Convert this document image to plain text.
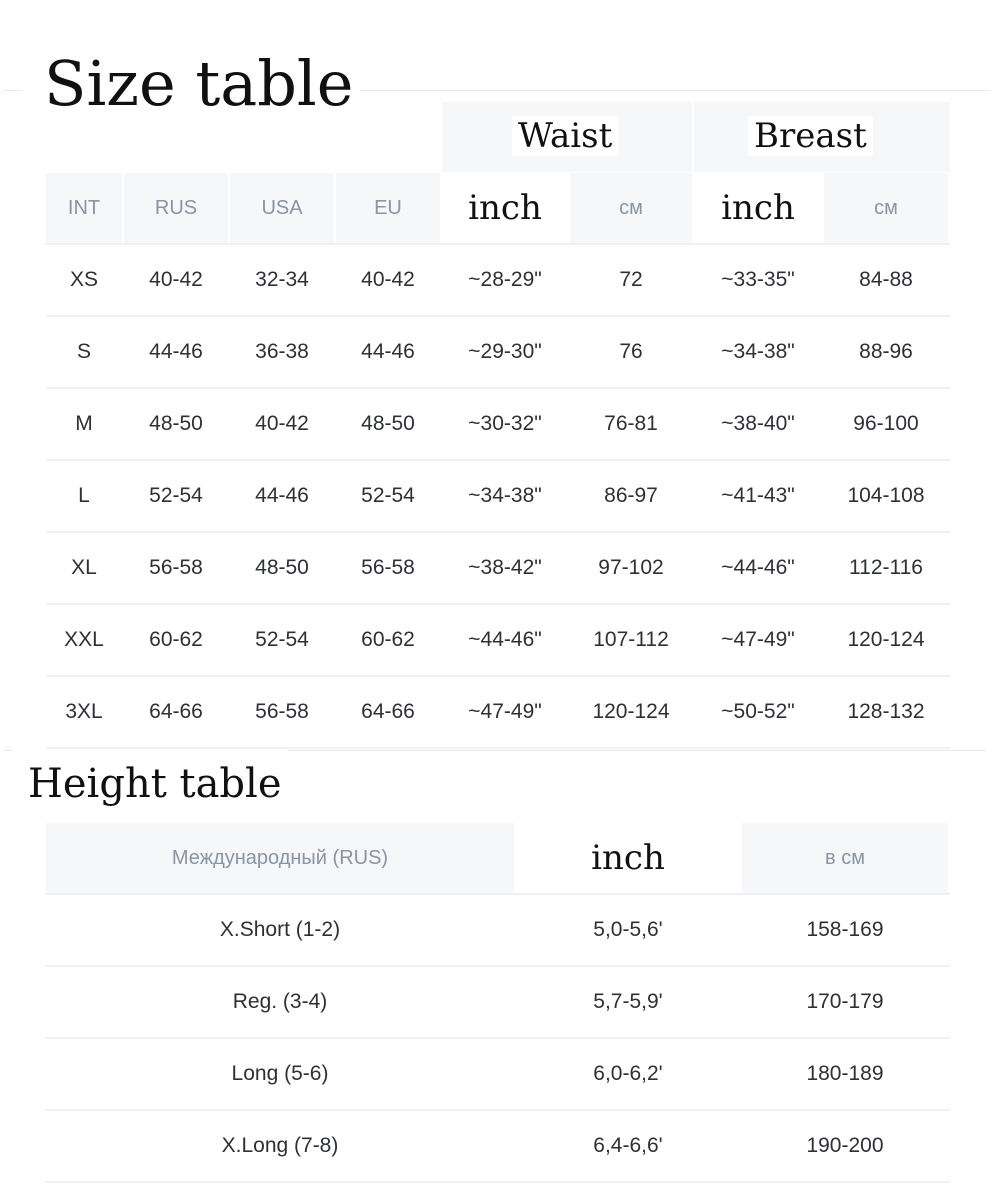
Size table
Waist	Breast
INT	RUS	USA	EU	inch	см	inch	см
XS	40-42	32-34	40-42	~28-29"	72	~33-35"	84-88
S	44-46	36-38	44-46	~29-30"	76	~34-38"	88-96
M	48-50	40-42	48-50	~30-32"	76-81	~38-40"	96-100
L	52-54	44-46	52-54	~34-38"	86-97	~41-43"	104-108
XL	56-58	48-50	56-58	~38-42"	97-102	~44-46"	112-116
XXL	60-62	52-54	60-62	~44-46"	107-112	~47-49"	120-124
3XL	64-66	56-58	64-66	~47-49"	120-124	~50-52"	128-132
Height table
Международный (RUS)	inch	в см
X.Short (1-2)	5,0-5,6'	158-169
Reg. (3-4)	5,7-5,9'	170-179
Long (5-6)	6,0-6,2'	180-189
X.Long (7-8)	6,4-6,6'	190-200
